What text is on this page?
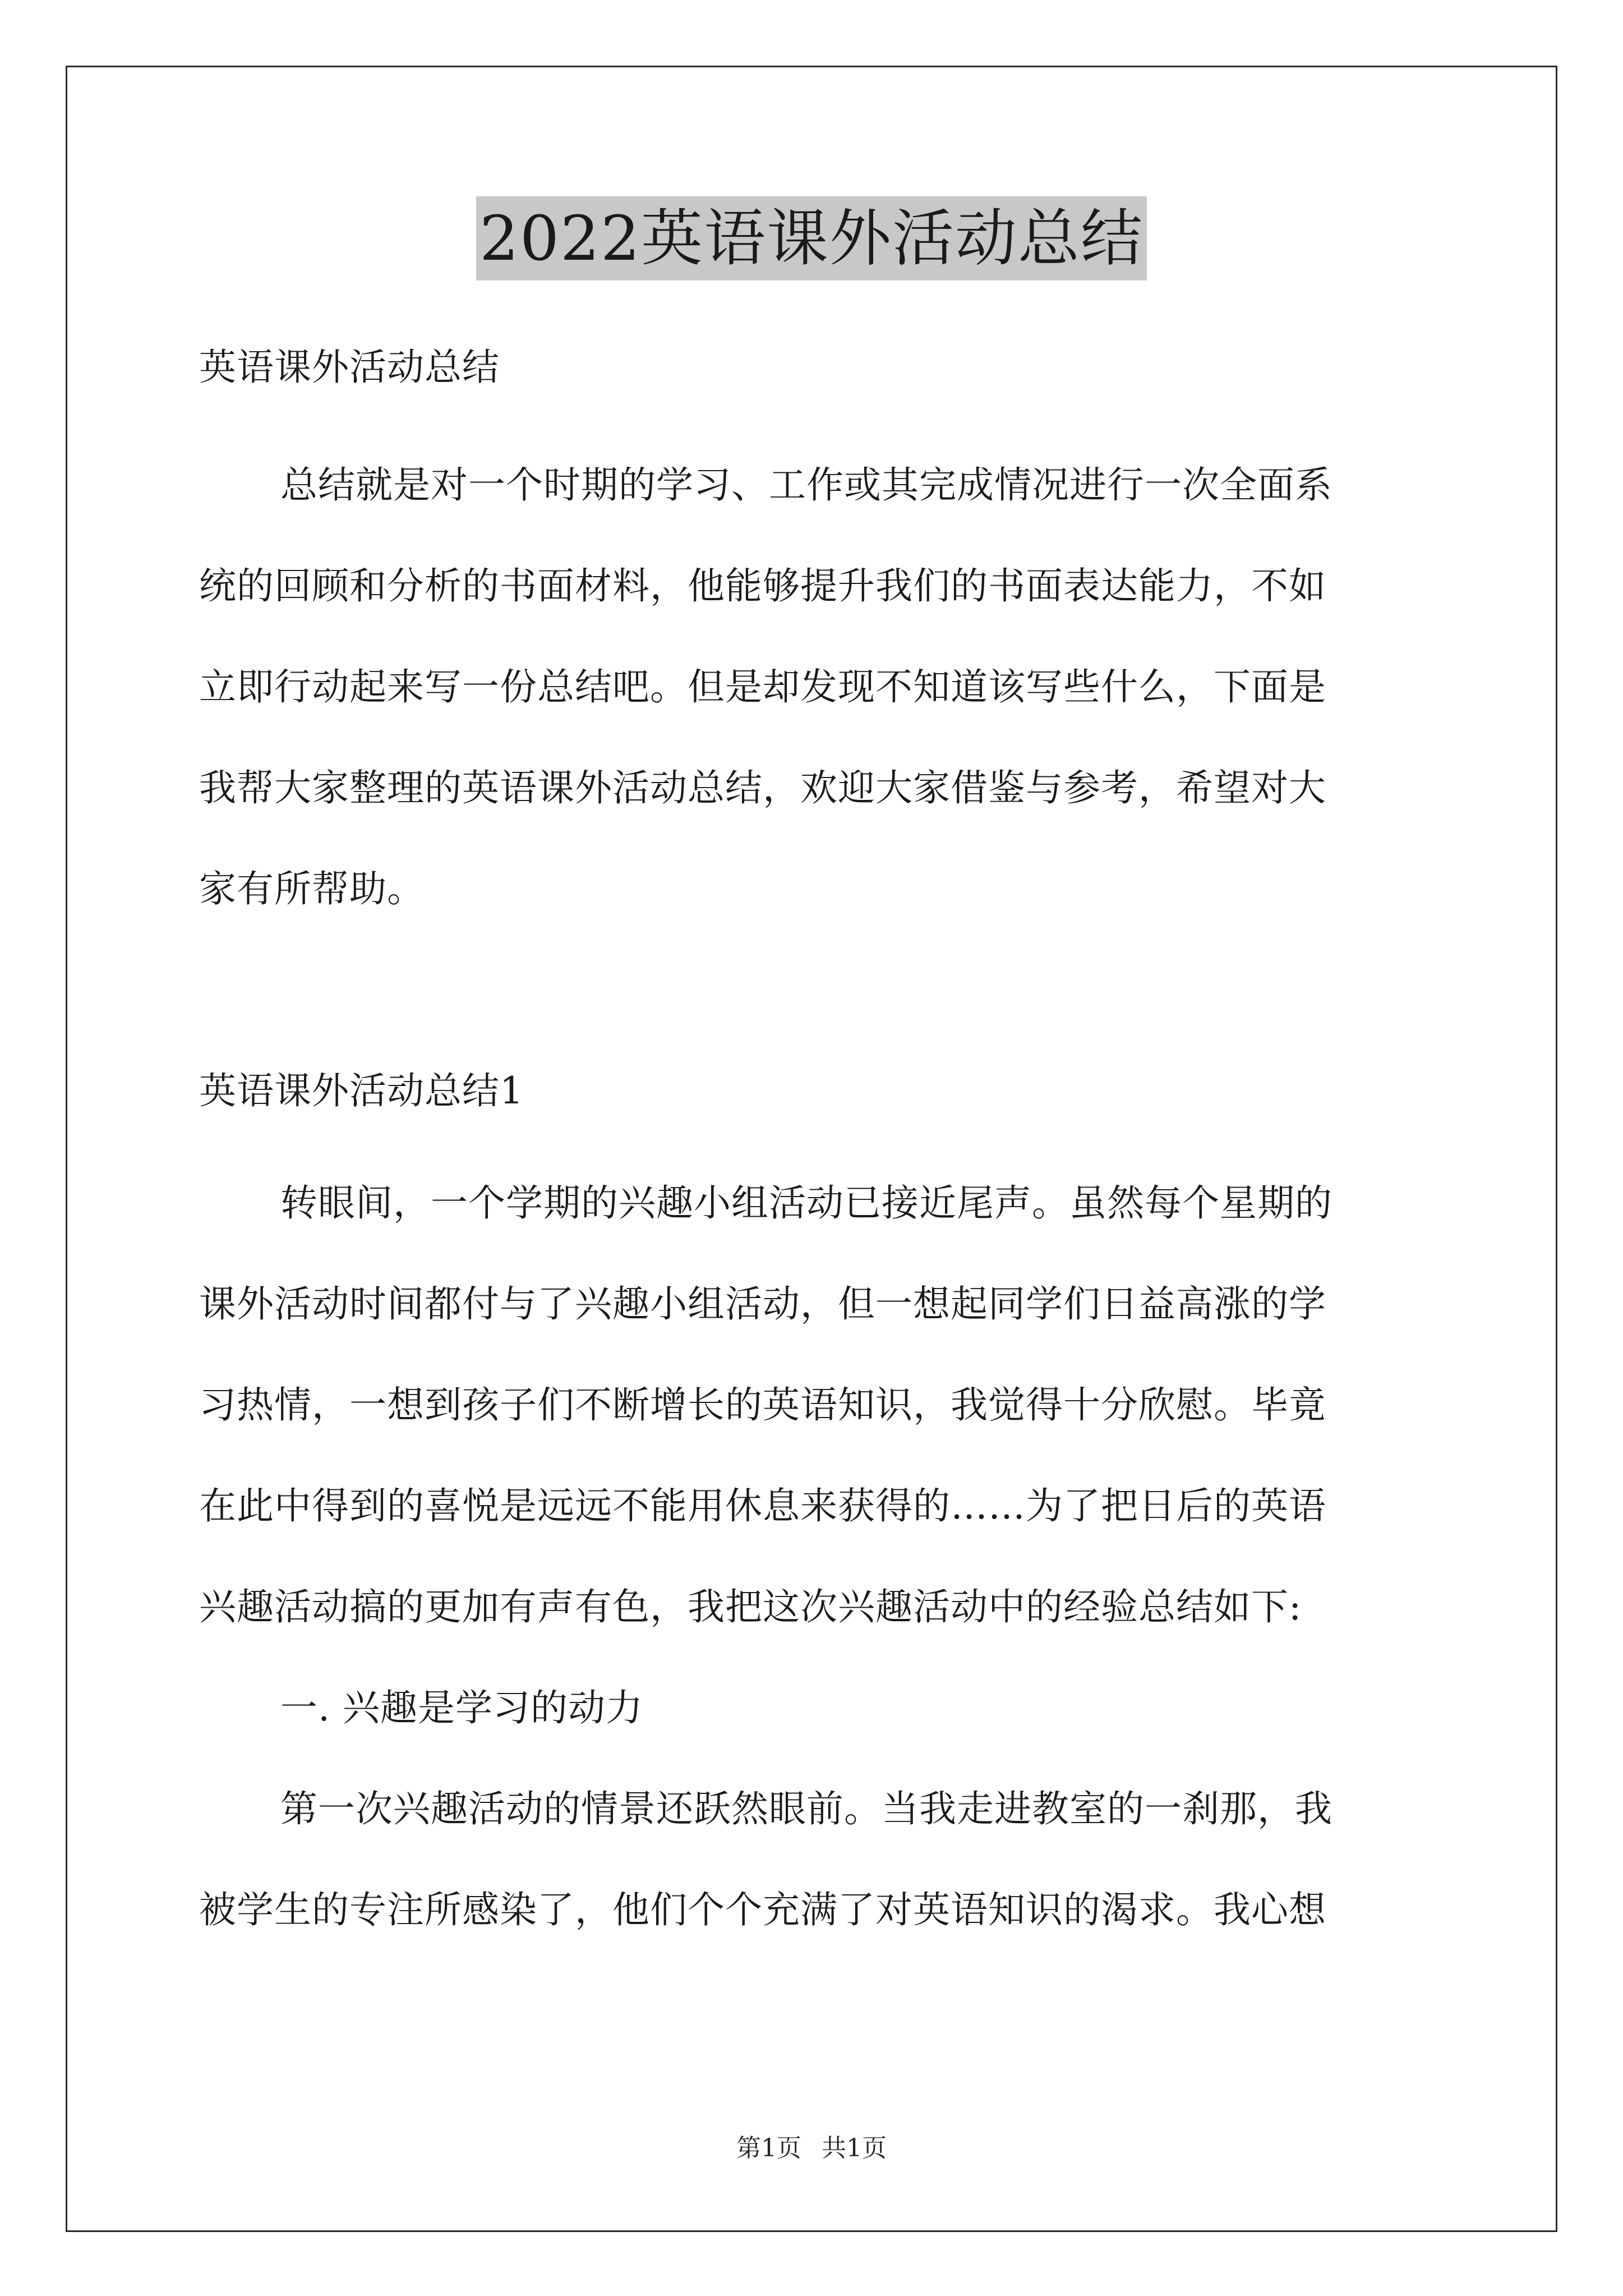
2022英语课外活动总结
英语课外活动总结
总结就是对一个时期的学习、工作或其完成情况进行一次全面系
统的回顾和分析的书面材料，他能够提升我们的书面表达能力，不如
立即行动起来写一份总结吧。但是却发现不知道该写些什么，下面是
我帮大家整理的英语课外活动总结，欢迎大家借鉴与参考，希望对大
家有所帮助。
英语课外活动总结1
转眼间，一个学期的兴趣小组活动已接近尾声。虽然每个星期的
课外活动时间都付与了兴趣小组活动，但一想起同学们日益高涨的学
习热情，一想到孩子们不断增长的英语知识，我觉得十分欣慰。毕竟
在此中得到的喜悦是远远不能用休息来获得的……为了把日后的英语
兴趣活动搞的更加有声有色，我把这次兴趣活动中的经验总结如下:
一. 兴趣是学习的动力
第一次兴趣活动的情景还跃然眼前。当我走进教室的一刹那，我
被学生的专注所感染了，他们个个充满了对英语知识的渴求。我心想
第1页 共1页
